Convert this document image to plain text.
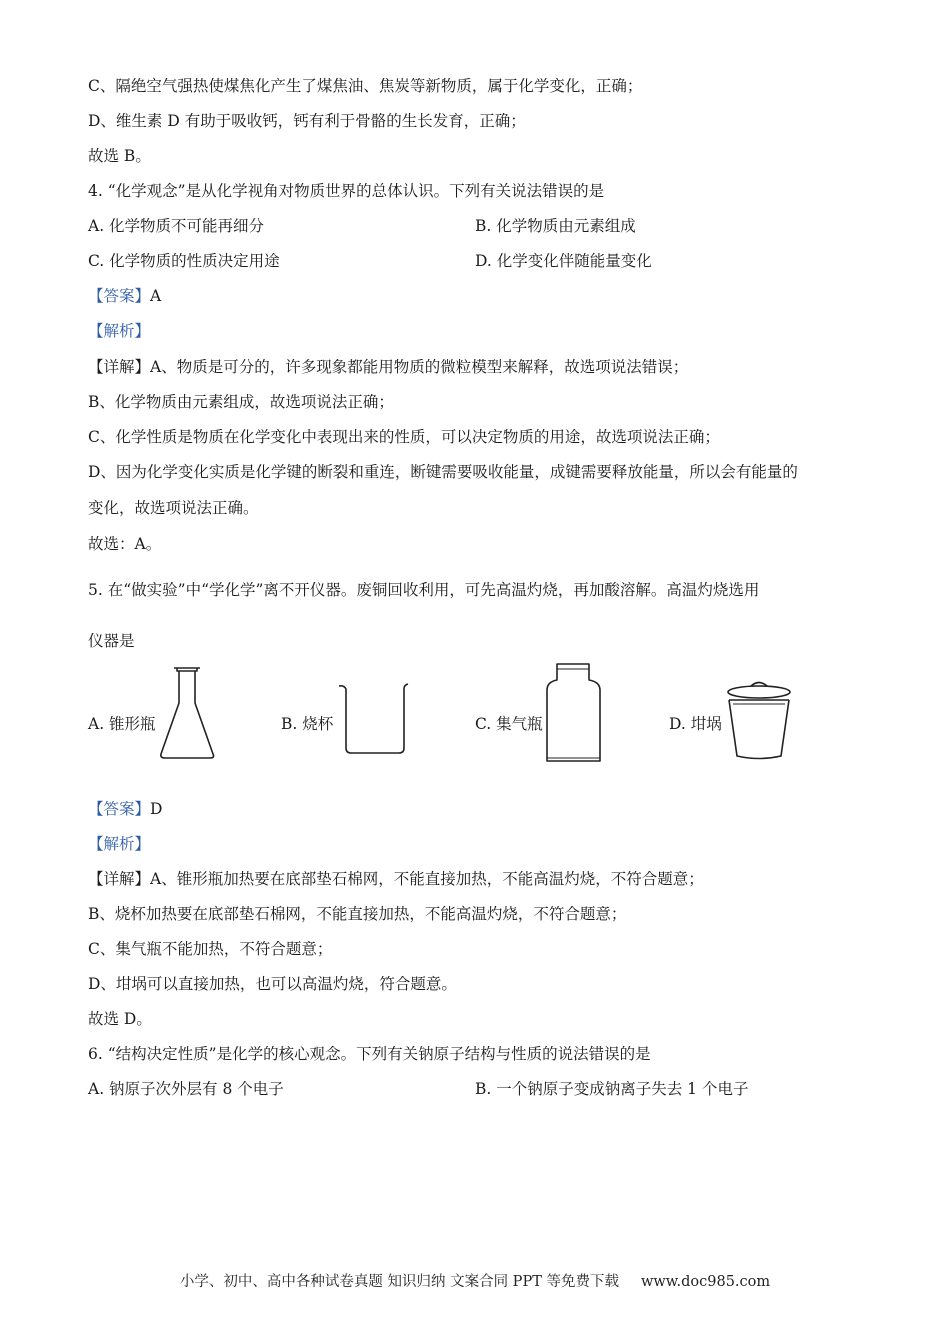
C、隔绝空气强热使煤焦化产生了煤焦油、焦炭等新物质，属于化学变化，正确；
D、维生素 D 有助于吸收钙，钙有利于骨骼的生长发育，正确；
故选 B。
4. “化学观念”是从化学视角对物质世界的总体认识。下列有关说法错误的是
A. 化学物质不可能再细分	B. 化学物质由元素组成
C. 化学物质的性质决定用途	D. 化学变化伴随能量变化
【答案】A
【解析】
【详解】A、物质是可分的，许多现象都能用物质的微粒模型来解释，故选项说法错误；
B、化学物质由元素组成，故选项说法正确；
C、化学性质是物质在化学变化中表现出来的性质，可以决定物质的用途，故选项说法正确；
D、因为化学变化实质是化学键的断裂和重连，断键需要吸收能量，成键需要释放能量，所以会有能量的
变化，故选项说法正确。
故选：A。
5. 在“做实验”中“学化学”离不开仪器。废铜回收利用，可先高温灼烧，再加酸溶解。高温灼烧选用
仪器是
A. 锥形瓶	B. 烧杯	C. 集气瓶	D. 坩埚
【答案】D
【解析】
【详解】A、锥形瓶加热要在底部垫石棉网，不能直接加热，不能高温灼烧，不符合题意；
B、烧杯加热要在底部垫石棉网，不能直接加热，不能高温灼烧，不符合题意；
C、集气瓶不能加热，不符合题意；
D、坩埚可以直接加热，也可以高温灼烧，符合题意。
故选 D。
6. “结构决定性质”是化学的核心观念。下列有关钠原子结构与性质的说法错误的是
A. 钠原子次外层有 8 个电子	B. 一个钠原子变成钠离子失去 1 个电子
小学、初中、高中各种试卷真题 知识归纳 文案合同 PPT 等免费下载 www.doc985.com
